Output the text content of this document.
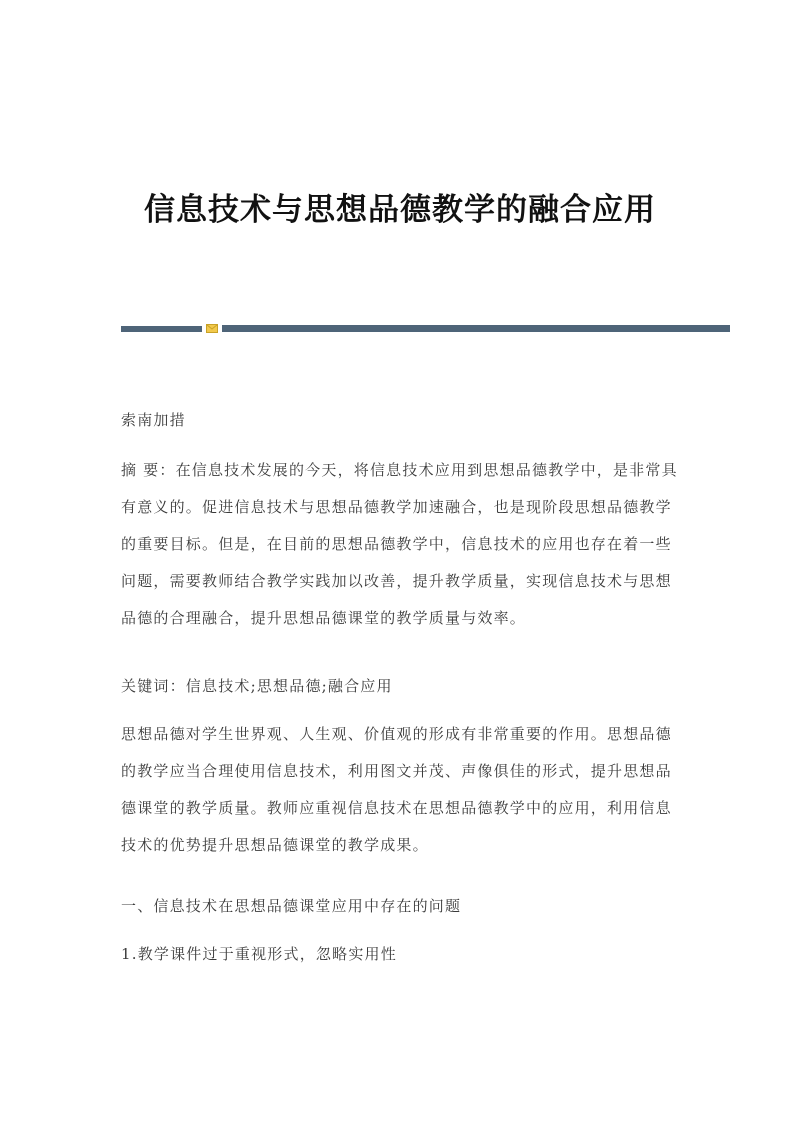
信息技术与思想品德教学的融合应用

索南加措

摘 要：在信息技术发展的今天，将信息技术应用到思想品德教学中，是非常具有意义的。促进信息技术与思想品德教学加速融合，也是现阶段思想品德教学的重要目标。但是，在目前的思想品德教学中，信息技术的应用也存在着一些问题，需要教师结合教学实践加以改善，提升教学质量，实现信息技术与思想品德的合理融合，提升思想品德课堂的教学质量与效率。

关键词：信息技术;思想品德;融合应用

思想品德对学生世界观、人生观、价值观的形成有非常重要的作用。思想品德的教学应当合理使用信息技术，利用图文并茂、声像俱佳的形式，提升思想品德课堂的教学质量。教师应重视信息技术在思想品德教学中的应用，利用信息技术的优势提升思想品德课堂的教学成果。

一、信息技术在思想品德课堂应用中存在的问题

1.教学课件过于重视形式，忽略实用性
